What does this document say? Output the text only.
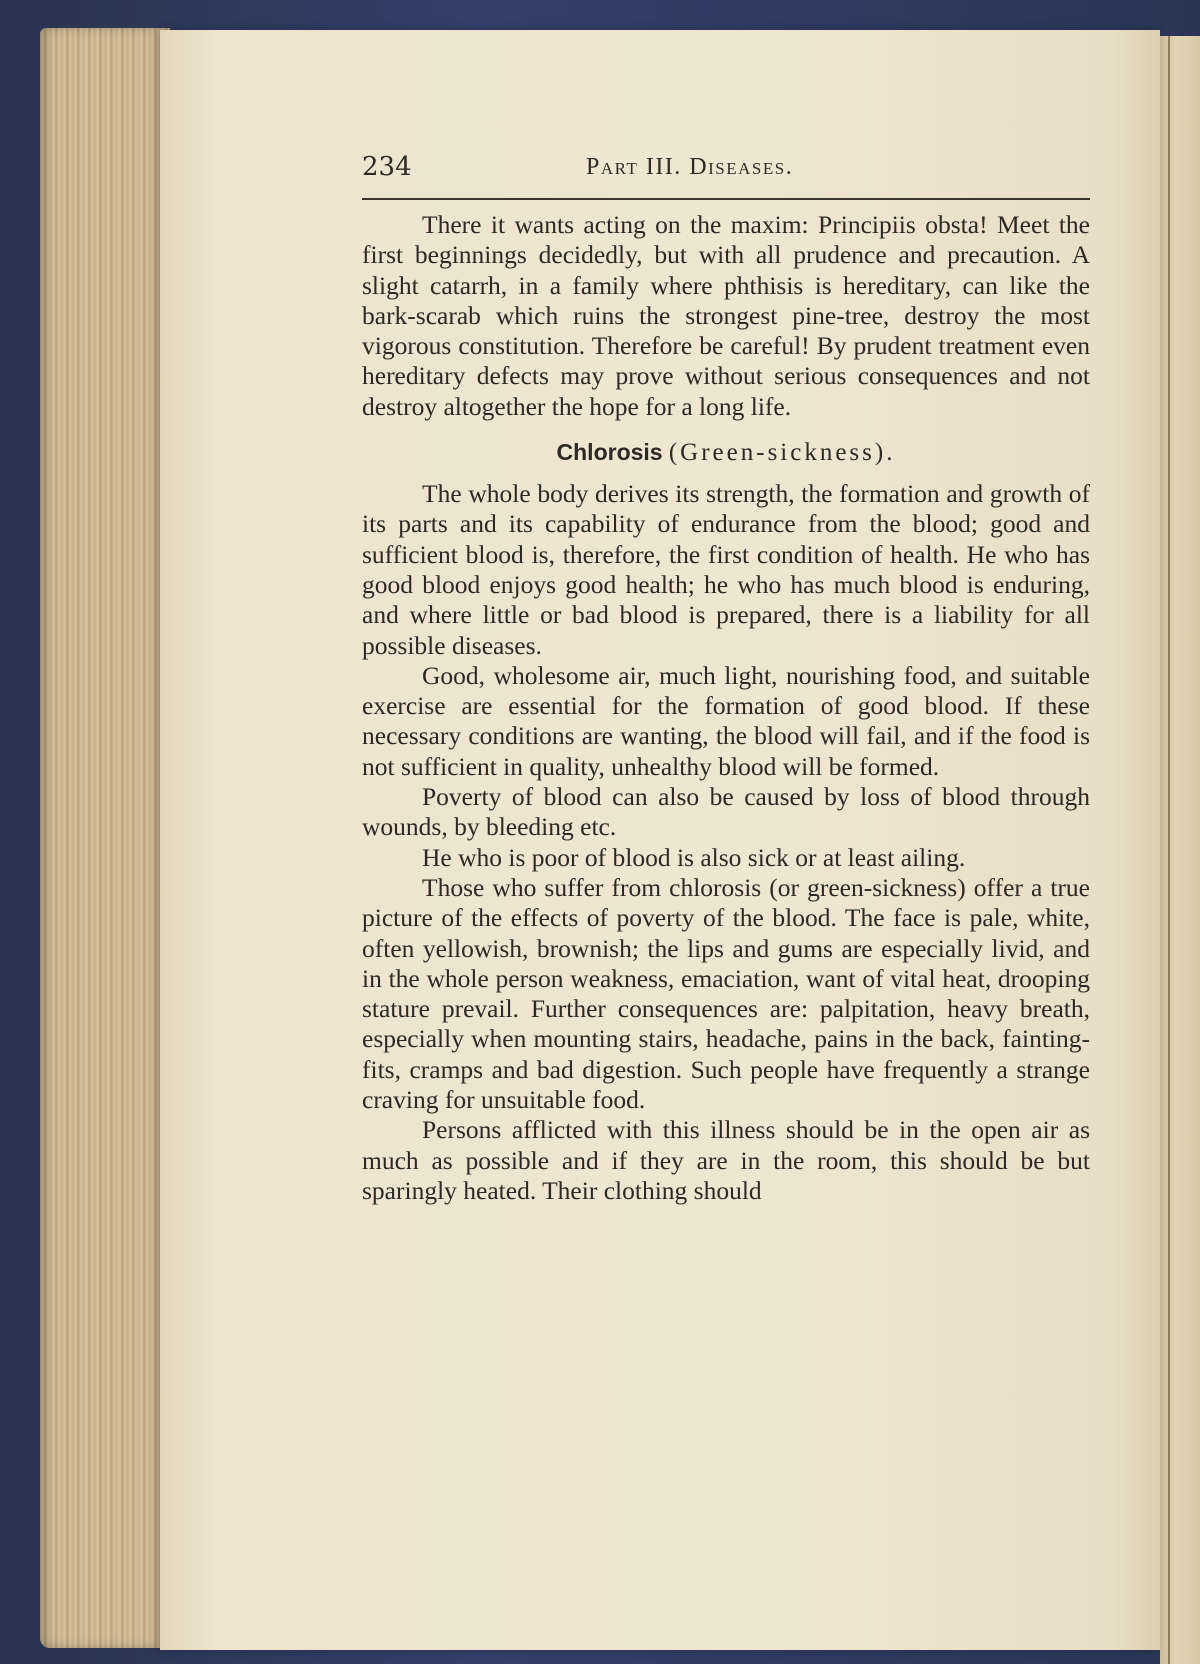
234	Part III. Diseases.

There it wants acting on the maxim: Principiis obsta! Meet the first beginnings decidedly, but with all prudence and precaution. A slight catarrh, in a family where phthisis is hereditary, can like the bark-scarab which ruins the strongest pine-tree, destroy the most vigorous constitution. Therefore be careful! By prudent treatment even hereditary defects may prove without serious consequences and not destroy altogether the hope for a long life.

Chlorosis (Green-sickness).

The whole body derives its strength, the formation and growth of its parts and its capability of endurance from the blood; good and sufficient blood is, therefore, the first condition of health. He who has good blood enjoys good health; he who has much blood is enduring, and where little or bad blood is prepared, there is a liability for all possible diseases.

Good, wholesome air, much light, nourishing food, and suitable exercise are essential for the formation of good blood. If these necessary conditions are wanting, the blood will fail, and if the food is not sufficient in quality, unhealthy blood will be formed.

Poverty of blood can also be caused by loss of blood through wounds, by bleeding etc.

He who is poor of blood is also sick or at least ailing.

Those who suffer from chlorosis (or green-sickness) offer a true picture of the effects of poverty of the blood. The face is pale, white, often yellowish, brownish; the lips and gums are especially livid, and in the whole person weakness, emaciation, want of vital heat, drooping stature prevail. Further consequences are: palpitation, heavy breath, especially when mounting stairs, headache, pains in the back, fainting-fits, cramps and bad digestion. Such people have frequently a strange craving for unsuitable food.

Persons afflicted with this illness should be in the open air as much as possible and if they are in the room, this should be but sparingly heated. Their clothing should
